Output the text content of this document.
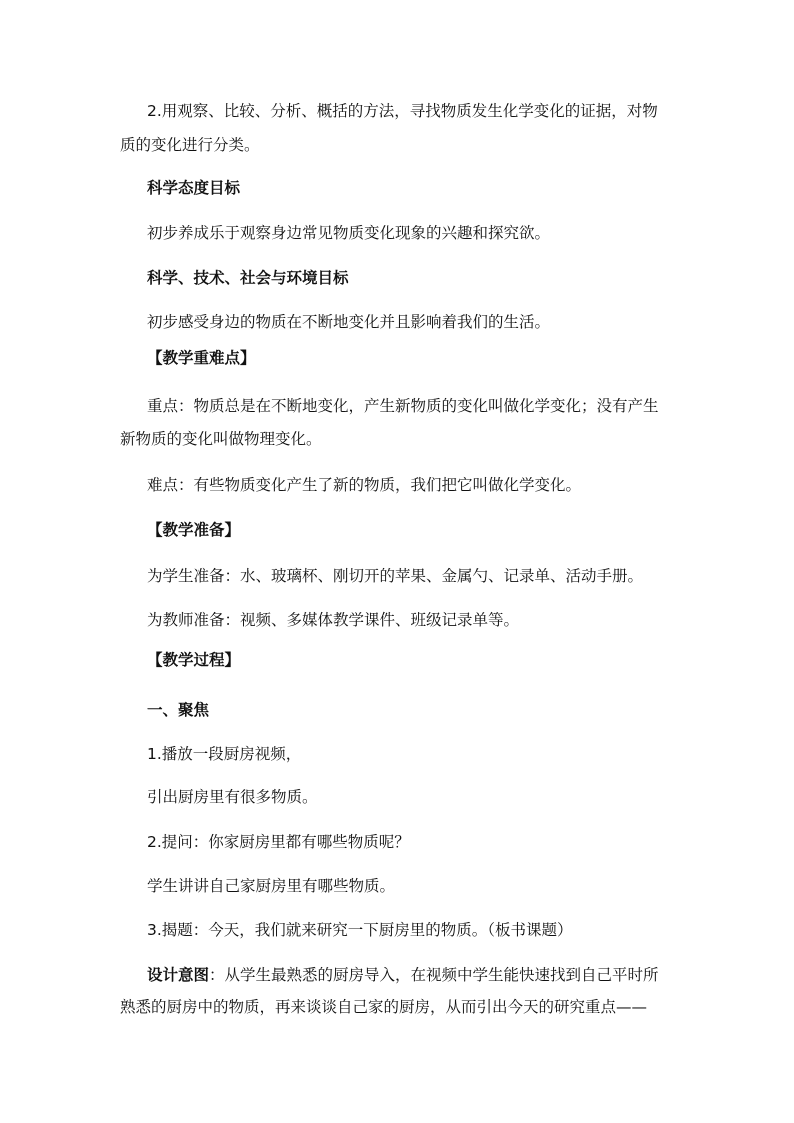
2.用观察、比较、分析、概括的方法，寻找物质发生化学变化的证据，对物
质的变化进行分类。
科学态度目标
初步养成乐于观察身边常见物质变化现象的兴趣和探究欲。
科学、技术、社会与环境目标
初步感受身边的物质在不断地变化并且影响着我们的生活。
【教学重难点】
重点：物质总是在不断地变化，产生新物质的变化叫做化学变化；没有产生
新物质的变化叫做物理变化。
难点：有些物质变化产生了新的物质，我们把它叫做化学变化。
【教学准备】
为学生准备：水、玻璃杯、刚切开的苹果、金属勺、记录单、活动手册。
为教师准备：视频、多媒体教学课件、班级记录单等。
【教学过程】
一、聚焦
1.播放一段厨房视频，
引出厨房里有很多物质。
2.提问：你家厨房里都有哪些物质呢？
学生讲讲自己家厨房里有哪些物质。
3.揭题：今天，我们就来研究一下厨房里的物质。（板书课题）
设计意图：从学生最熟悉的厨房导入，在视频中学生能快速找到自己平时所
熟悉的厨房中的物质，再来谈谈自己家的厨房，从而引出今天的研究重点——
